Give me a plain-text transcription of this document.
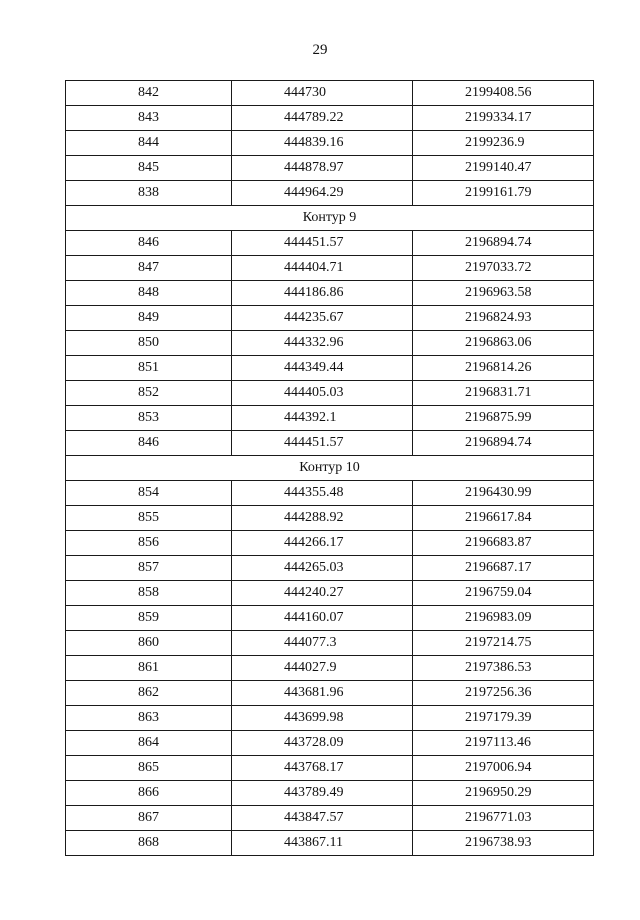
29
842	444730	2199408.56
843	444789.22	2199334.17
844	444839.16	2199236.9
845	444878.97	2199140.47
838	444964.29	2199161.79
Контур 9		
846	444451.57	2196894.74
847	444404.71	2197033.72
848	444186.86	2196963.58
849	444235.67	2196824.93
850	444332.96	2196863.06
851	444349.44	2196814.26
852	444405.03	2196831.71
853	444392.1	2196875.99
846	444451.57	2196894.74
Контур 10		
854	444355.48	2196430.99
855	444288.92	2196617.84
856	444266.17	2196683.87
857	444265.03	2196687.17
858	444240.27	2196759.04
859	444160.07	2196983.09
860	444077.3	2197214.75
861	444027.9	2197386.53
862	443681.96	2197256.36
863	443699.98	2197179.39
864	443728.09	2197113.46
865	443768.17	2197006.94
866	443789.49	2196950.29
867	443847.57	2196771.03
868	443867.11	2196738.93
